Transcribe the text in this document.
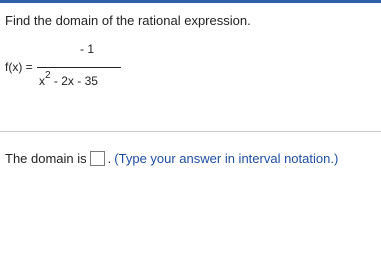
Find the domain of the rational expression.
f(x) =
- 1
$x^2 - 2x - 35$
The domain is . (Type your answer in interval notation.)
